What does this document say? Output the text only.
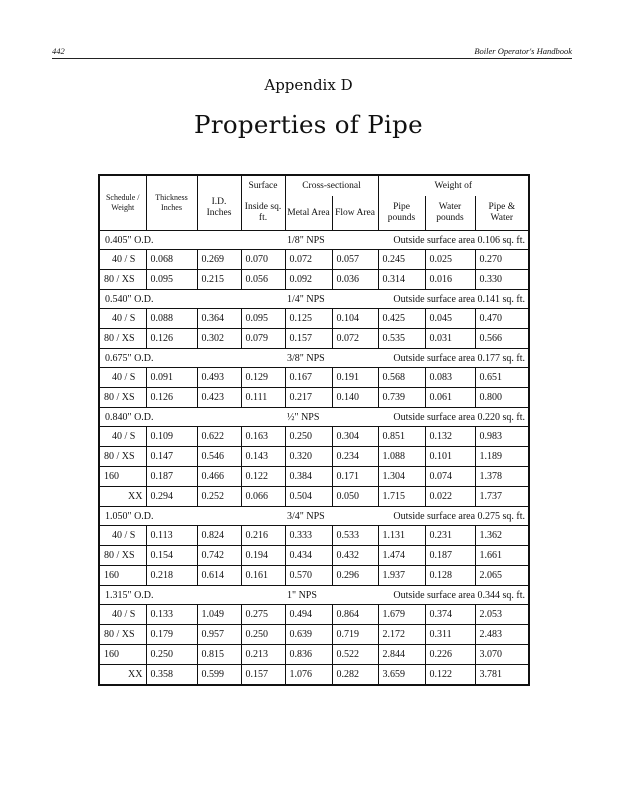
442	Boiler Operator's Handbook
Appendix D
Properties of Pipe
Schedule / Weight	Thickness Inches	I.D. Inches	Surface	Cross-sectional		Weight of		
			Inside sq. ft.	Metal Area	Flow Area	Pipe pounds	Water pounds	Pipe & Water
0.405" O.D.				1/8" NPS		Outside surface area 0.106 sq. ft.		
40 / S	0.068	0.269	0.070	0.072	0.057	0.245	0.025	0.270
80 / XS	0.095	0.215	0.056	0.092	0.036	0.314	0.016	0.330
0.540" O.D.				1/4" NPS		Outside surface area 0.141 sq. ft.		
40 / S	0.088	0.364	0.095	0.125	0.104	0.425	0.045	0.470
80 / XS	0.126	0.302	0.079	0.157	0.072	0.535	0.031	0.566
0.675" O.D.				3/8" NPS		Outside surface area 0.177 sq. ft.		
40 / S	0.091	0.493	0.129	0.167	0.191	0.568	0.083	0.651
80 / XS	0.126	0.423	0.111	0.217	0.140	0.739	0.061	0.800
0.840" O.D.				½" NPS		Outside surface area 0.220 sq. ft.		
40 / S	0.109	0.622	0.163	0.250	0.304	0.851	0.132	0.983
80 / XS	0.147	0.546	0.143	0.320	0.234	1.088	0.101	1.189
160	0.187	0.466	0.122	0.384	0.171	1.304	0.074	1.378
XX	0.294	0.252	0.066	0.504	0.050	1.715	0.022	1.737
1.050" O.D.				3/4" NPS		Outside surface area 0.275 sq. ft.		
40 / S	0.113	0.824	0.216	0.333	0.533	1.131	0.231	1.362
80 / XS	0.154	0.742	0.194	0.434	0.432	1.474	0.187	1.661
160	0.218	0.614	0.161	0.570	0.296	1.937	0.128	2.065
1.315" O.D.				1" NPS		Outside surface area 0.344 sq. ft.		
40 / S	0.133	1.049	0.275	0.494	0.864	1.679	0.374	2.053
80 / XS	0.179	0.957	0.250	0.639	0.719	2.172	0.311	2.483
160	0.250	0.815	0.213	0.836	0.522	2.844	0.226	3.070
XX	0.358	0.599	0.157	1.076	0.282	3.659	0.122	3.781
